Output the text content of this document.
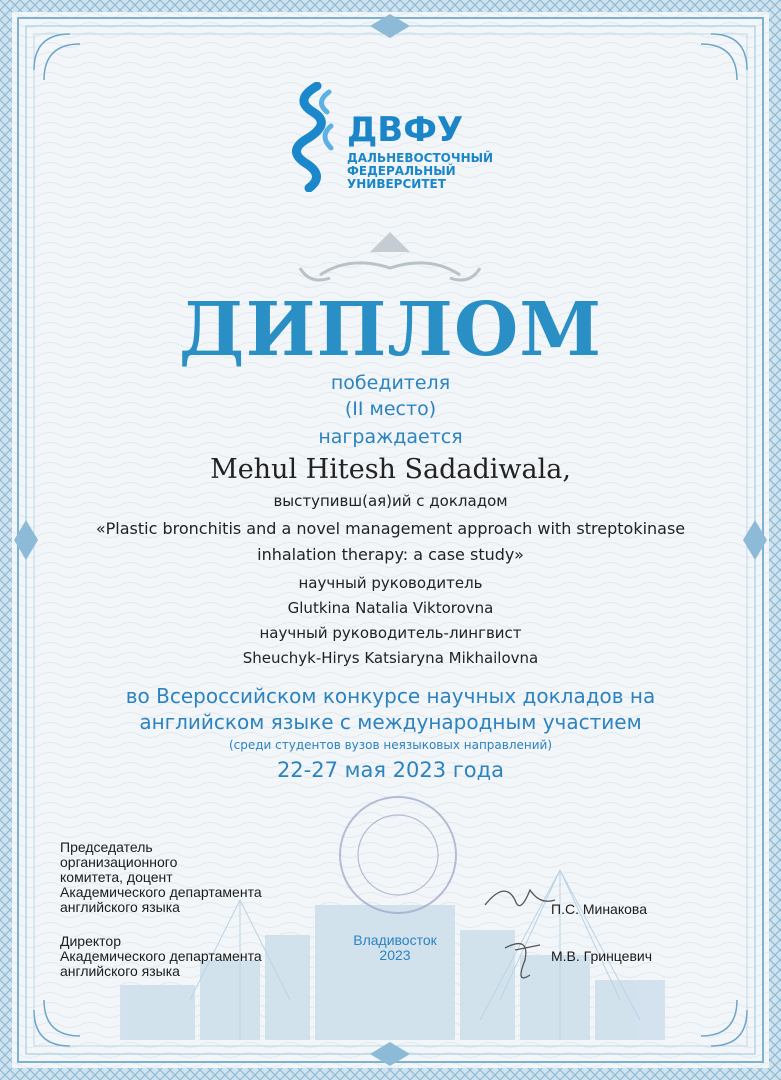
ДВФУ
ДАЛЬНЕВОСТОЧНЫЙ
ФЕДЕРАЛЬНЫЙ
УНИВЕРСИТЕТ
ДИПЛОМ
победителя
(II место)
награждается
Mehul Hitesh Sadadiwala,
выступивш(ая)ий с докладом
«Plastic bronchitis and a novel management approach with streptokinase
inhalation therapy: a case study»
научный руководитель
Glutkina Natalia Viktorovna
научный руководитель-лингвист
Sheuchyk-Hirys Katsiaryna Mikhailovna
во Всероссийском конкурсе научных докладов на
английском языке с международным участием
(среди студентов вузов неязыковых направлений)
22-27 мая 2023 года
Председатель
организационного
комитета, доцент
Академического департамента
английского языка	П.С. Минакова
Директор
Академического департамента
английского языка
М.В. Гринцевич
Владивосток
2023
